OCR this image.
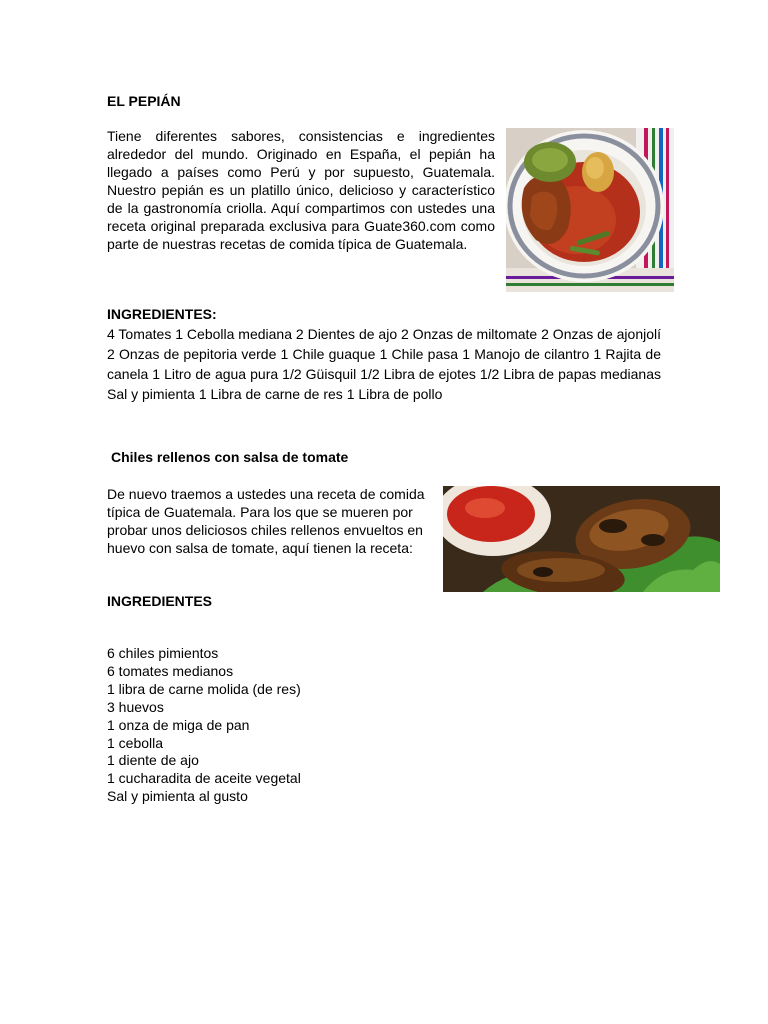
EL PEPIÁN
Tiene diferentes sabores, consistencias e ingredientes alrededor del mundo. Originado en España, el pepián ha llegado a países como Perú y por supuesto, Guatemala. Nuestro pepián es un platillo único, delicioso y característico de la gastronomía criolla. Aquí compartimos con ustedes una receta original preparada exclusiva para Guate360.com como parte de nuestras recetas de comida típica de Guatemala.
INGREDIENTES:
4 Tomates 1 Cebolla mediana 2 Dientes de ajo 2 Onzas de miltomate 2 Onzas de ajonjolí 2 Onzas de pepitoria verde 1 Chile guaque 1 Chile pasa 1 Manojo de cilantro 1 Rajita de canela 1 Litro de agua pura 1/2 Güisquil 1/2 Libra de ejotes 1/2 Libra de papas medianas Sal y pimienta 1 Libra de carne de res 1 Libra de pollo
Chiles rellenos con salsa de tomate
De nuevo traemos a ustedes una receta de comida típica de Guatemala. Para los que se mueren por probar unos deliciosos chiles rellenos envueltos en huevo con salsa de tomate, aquí tienen la receta:
INGREDIENTES
6 chiles pimientos
6 tomates medianos
1 libra de carne molida (de res)
3 huevos
1 onza de miga de pan
1 cebolla
1 diente de ajo
1 cucharadita de aceite vegetal
Sal y pimienta al gusto
